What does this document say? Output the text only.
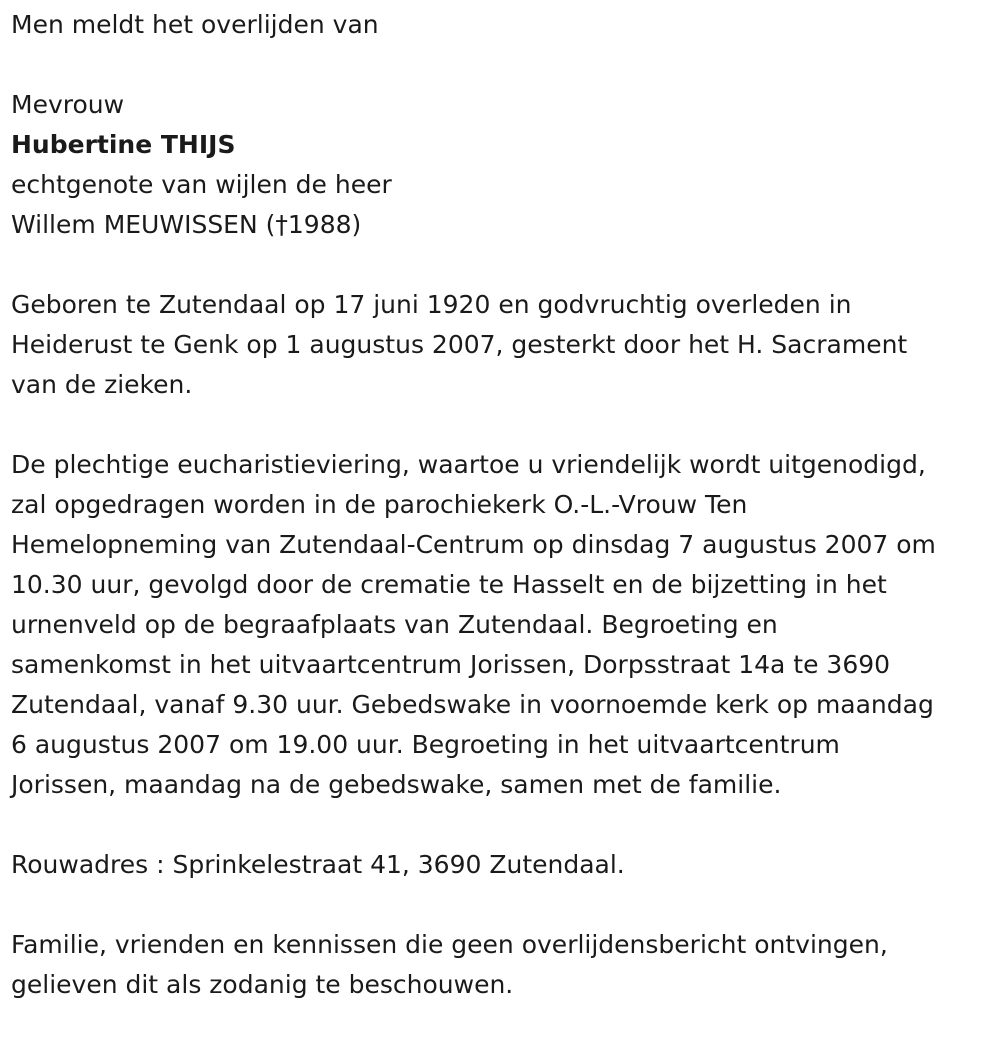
Men meldt het overlijden van

Mevrouw

Hubertine THIJS

echtgenote van wijlen de heer

Willem MEUWISSEN (†1988)

Geboren te Zutendaal op 17 juni 1920 en godvruchtig overleden in

Heiderust te Genk op 1 augustus 2007, gesterkt door het H. Sacrament

van de zieken.

De plechtige eucharistieviering, waartoe u vriendelijk wordt uitgenodigd,

zal opgedragen worden in de parochiekerk O.-L.-Vrouw Ten

Hemelopneming van Zutendaal-Centrum op dinsdag 7 augustus 2007 om

10.30 uur, gevolgd door de crematie te Hasselt en de bijzetting in het

urnenveld op de begraafplaats van Zutendaal. Begroeting en

samenkomst in het uitvaartcentrum Jorissen, Dorpsstraat 14a te 3690

Zutendaal, vanaf 9.30 uur. Gebedswake in voornoemde kerk op maandag

6 augustus 2007 om 19.00 uur. Begroeting in het uitvaartcentrum

Jorissen, maandag na de gebedswake, samen met de familie.

Rouwadres : Sprinkelestraat 41, 3690 Zutendaal.

Familie, vrienden en kennissen die geen overlijdensbericht ontvingen,

gelieven dit als zodanig te beschouwen.
